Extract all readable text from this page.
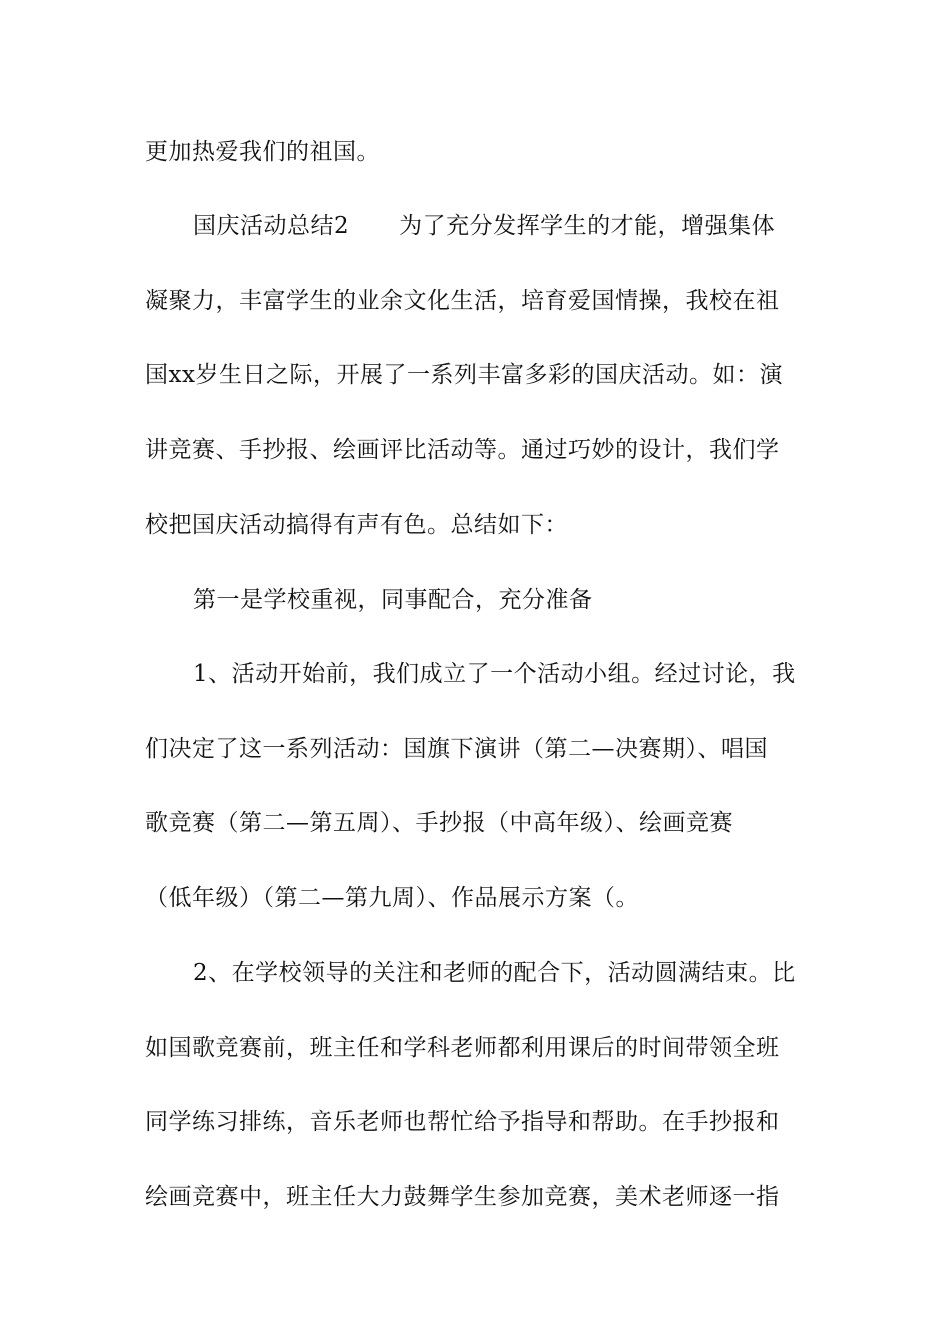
更加热爱我们的祖国。
国庆活动总结2 为了充分发挥学生的才能，增强集体
凝聚力，丰富学生的业余文化生活，培育爱国情操，我校在祖
国xx岁生日之际，开展了一系列丰富多彩的国庆活动。如：演
讲竞赛、手抄报、绘画评比活动等。通过巧妙的设计，我们学
校把国庆活动搞得有声有色。总结如下：
第一是学校重视，同事配合，充分准备
1、活动开始前，我们成立了一个活动小组。经过讨论，我
们决定了这一系列活动：国旗下演讲（第二—决赛期）、唱国
歌竞赛（第二—第五周）、手抄报（中高年级）、绘画竞赛
（低年级）（第二—第九周）、作品展示方案（。
2、在学校领导的关注和老师的配合下，活动圆满结束。比
如国歌竞赛前，班主任和学科老师都利用课后的时间带领全班
同学练习排练，音乐老师也帮忙给予指导和帮助。在手抄报和
绘画竞赛中，班主任大力鼓舞学生参加竞赛，美术老师逐一指
